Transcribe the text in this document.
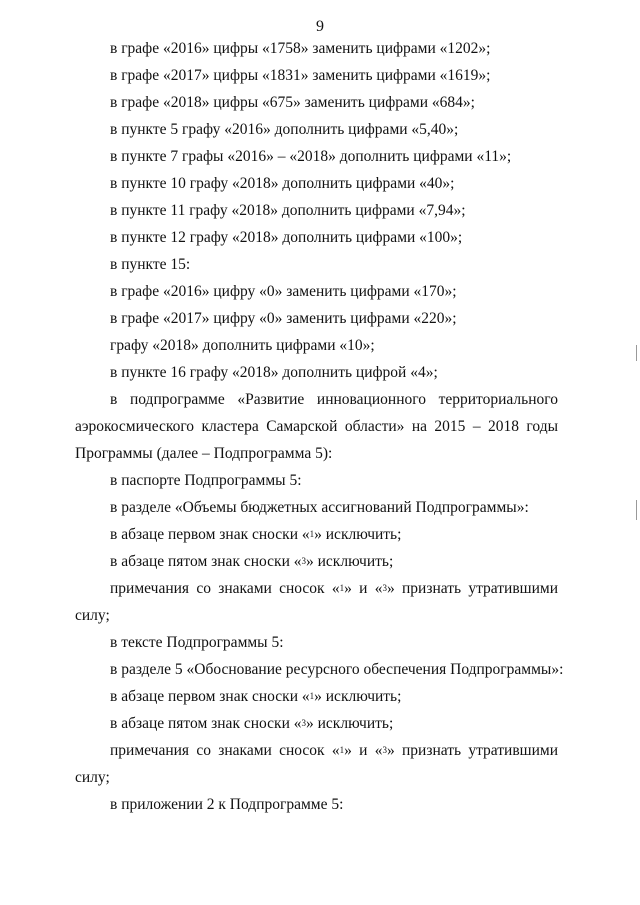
9
в графе «2016» цифры «1758» заменить цифрами «1202»;
в графе «2017» цифры «1831» заменить цифрами «1619»;
в графе «2018» цифры «675» заменить цифрами «684»;
в пункте 5 графу «2016» дополнить цифрами «5,40»;
в пункте 7 графы «2016» – «2018» дополнить цифрами «11»;
в пункте 10 графу «2018» дополнить цифрами «40»;
в пункте 11 графу «2018» дополнить цифрами «7,94»;
в пункте 12 графу «2018» дополнить цифрами «100»;
в пункте 15:
в графе «2016» цифру «0» заменить цифрами «170»;
в графе «2017» цифру «0» заменить цифрами «220»;
графу «2018» дополнить цифрами «10»;
в пункте 16 графу «2018» дополнить цифрой «4»;
в подпрограмме «Развитие инновационного территориального
аэрокосмического кластера Самарской области» на 2015 – 2018 годы
Программы (далее – Подпрограмма 5):
в паспорте Подпрограммы 5:
в разделе «Объемы бюджетных ассигнований Подпрограммы»:
в абзаце первом знак сноски «$^1$» исключить;
в абзаце пятом знак сноски «$^3$» исключить;
примечания со знаками сносок «$^1$» и «$^3$» признать утратившими
силу;
в тексте Подпрограммы 5:
в разделе 5 «Обоснование ресурсного обеспечения Подпрограммы»:
в абзаце первом знак сноски «$^1$» исключить;
в абзаце пятом знак сноски «$^3$» исключить;
примечания со знаками сносок «$^1$» и «$^3$» признать утратившими
силу;
в приложении 2 к Подпрограмме 5:
